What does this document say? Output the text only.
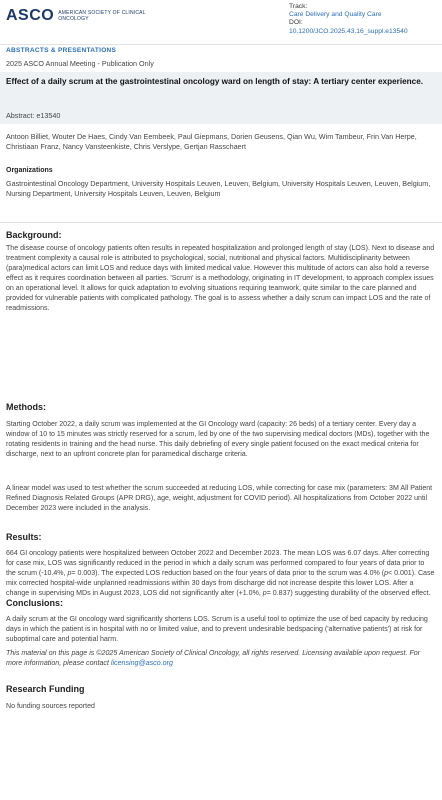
ASCO AMERICAN SOCIETY OF CLINICAL ONCOLOGY
Track:
Care Delivery and Quality Care
DOI:
10.1200/JCO.2025.43.16_suppl.e13540
ABSTRACTS & PRESENTATIONS
2025 ASCO Annual Meeting - Publication Only
Effect of a daily scrum at the gastrointestinal oncology ward on length of stay: A tertiary center experience.
Abstract: e13540
Antoon Billiet, Wouter De Haes, Cindy Van Eembeek, Paul Giepmans, Dorien Geusens, Qian Wu, Wim Tambeur, Frin Van Herpe, Christiaan Franz, Nancy Vansteenkiste, Chris Verslype, Gertjan Rasschaert
Organizations
Gastrointestinal Oncology Department, University Hospitals Leuven, Leuven, Belgium, University Hospitals Leuven, Leuven, Belgium, Nursing Department, University Hospitals Leuven, Leuven, Belgium
Background:
The disease course of oncology patients often results in repeated hospitalization and prolonged length of stay (LOS). Next to disease and treatment complexity a causal role is attributed to psychological, social, nutritional and physical factors. Multidisciplinarity between (para)medical actors can limit LOS and reduce days with limited medical value. However this multitude of actors can also hold a reverse effect as it requires coordination between all parties. 'Scrum' is a methodology, originating in IT development, to approach complex issues on an operational level. It allows for quick adaptation to evolving situations requiring teamwork, quite similar to the care planned and provided for vulnerable patients with complicated pathology. The goal is to assess whether a daily scrum can impact LOS and the rate of readmissions.
Methods:
Starting October 2022, a daily scrum was implemented at the GI Oncology ward (capacity: 26 beds) of a tertiary center. Every day a window of 10 to 15 minutes was strictly reserved for a scrum, led by one of the two supervising medical doctors (MDs), together with the rotating residents in training and the head nurse. This daily debriefing of every single patient focused on the exact medical criteria for discharge, next to an upfront concrete plan for paramedical discharge criteria.
A linear model was used to test whether the scrum succeeded at reducing LOS, while correcting for case mix (parameters: 3M All Patient Refined Diagnosis Related Groups (APR DRG), age, weight, adjustment for COVID period). All hospitalizations from October 2022 until December 2023 were included in the analysis.
Results:
664 GI oncology patients were hospitalized between October 2022 and December 2023. The mean LOS was 6.07 days. After correcting for case mix, LOS was significantly reduced in the period in which a daily scrum was performed compared to four years of data prior to the scrum (-10.4%, p= 0.003). The expected LOS reduction based on the four years of data prior to the scrum was 4.0% (p< 0.001). Case mix corrected hospital-wide unplanned readmissions within 30 days from discharge did not increase despite this lower LOS. After a change in supervising MDs in August 2023, LOS did not significantly alter (+1.0%, p= 0.837) suggesting durability of the observed effect.
Conclusions:
A daily scrum at the GI oncology ward significantly shortens LOS. Scrum is a useful tool to optimize the use of bed capacity by reducing days in which the patient is in hospital with no or limited value, and to prevent undesirable bedspacing ('alternative patients') at risk for suboptimal care and potential harm.
This material on this page is ©2025 American Society of Clinical Oncology, all rights reserved. Licensing available upon request. For more information, please contact licensing@asco.org
Research Funding
No funding sources reported
